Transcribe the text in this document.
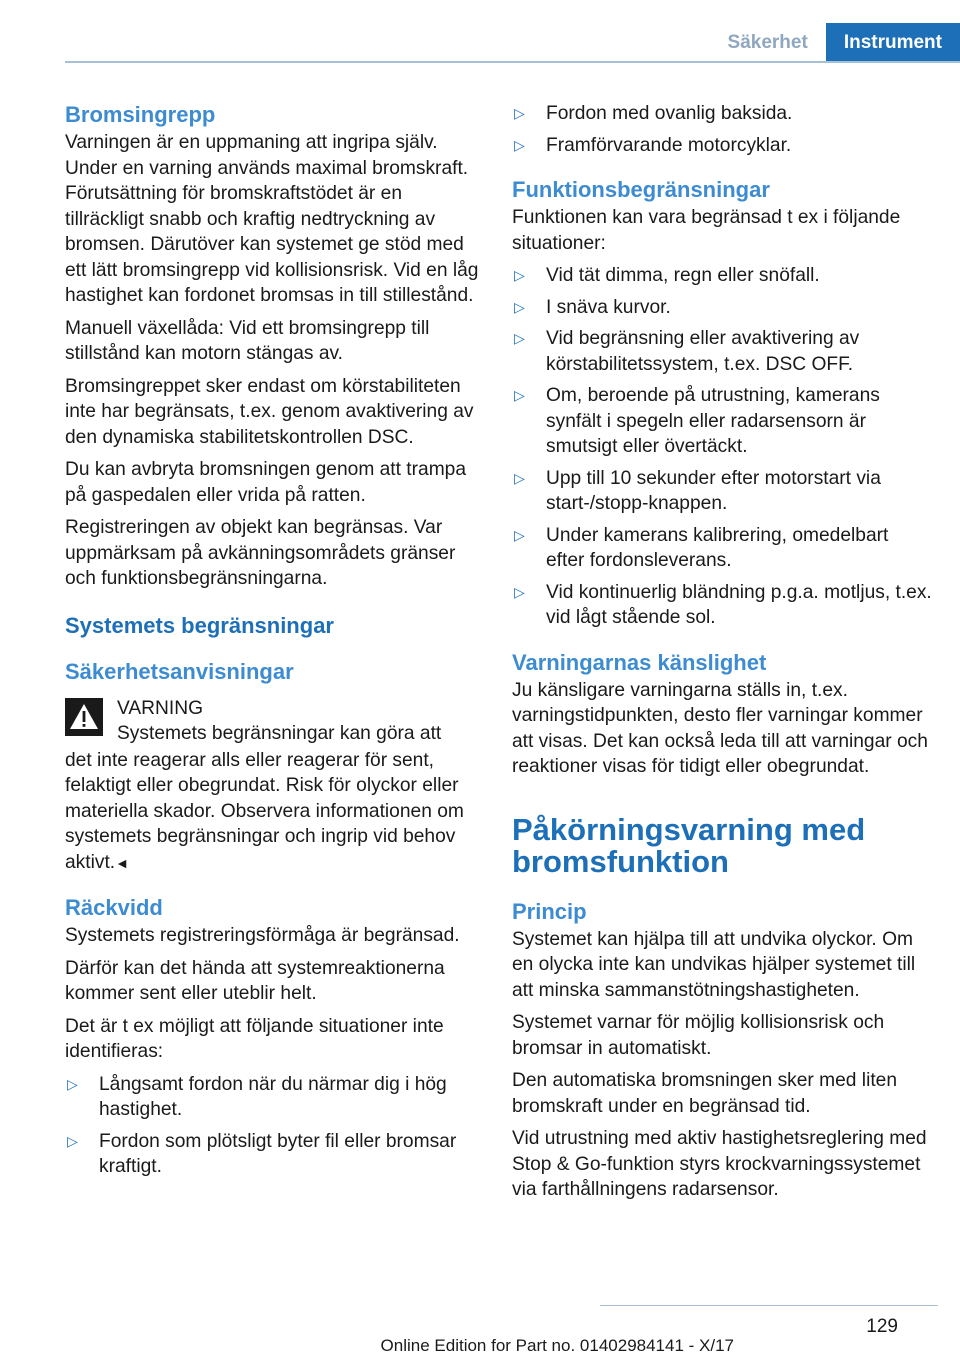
Säkerhet	Instrument
Bromsingrepp

Varningen är en uppmaning att ingripa själv. Under en varning används maximal bromskraft. Förutsättning för bromskraftstödet är en tillräckligt snabb och kraftig nedtryckning av bromsen. Därutöver kan systemet ge stöd med ett lätt bromsingrepp vid kollisionsrisk. Vid en låg hastighet kan fordonet bromsas in till stillestånd.

Manuell växellåda: Vid ett bromsingrepp till stillstånd kan motorn stängas av.

Bromsingreppet sker endast om körstabiliteten inte har begränsats, t.ex. genom avaktivering av den dynamiska stabilitetskontrollen DSC.

Du kan avbryta bromsningen genom att trampa på gaspedalen eller vrida på ratten.

Registreringen av objekt kan begränsas. Var uppmärksam på avkänningsområdets gränser och funktionsbegränsningarna.

Systemets begränsningar
Säkerhetsanvisningar
VARNING
Systemets begränsningar kan göra att

det inte reagerar alls eller reagerar för sent, felaktigt eller obegrundat. Risk för olyckor eller materiella skador. Observera informationen om systemets begränsningar och ingrip vid behov aktivt.◄

Räckvidd

Systemets registreringsförmåga är begränsad.

Därför kan det hända att systemreaktionerna kommer sent eller uteblir helt.

Det är t ex möjligt att följande situationer inte identifieras:

▷ Långsamt fordon när du närmar dig i hög hastighet.
▷ Fordon som plötsligt byter fil eller bromsar kraftigt.
▷ Fordon med ovanlig baksida.
▷ Framförvarande motorcyklar.
Funktionsbegränsningar

Funktionen kan vara begränsad t ex i följande situationer:

▷ Vid tät dimma, regn eller snöfall.
▷ I snäva kurvor.
▷ Vid begränsning eller avaktivering av körstabilitetssystem, t.ex. DSC OFF.
▷ Om, beroende på utrustning, kamerans synfält i spegeln eller radarsensorn är smutsigt eller övertäckt.
▷ Upp till 10 sekunder efter motorstart via start-/stopp-knappen.
▷ Under kamerans kalibrering, omedelbart efter fordonsleverans.
▷ Vid kontinuerlig bländning p.g.a. motljus, t.ex. vid lågt stående sol.
Varningarnas känslighet

Ju känsligare varningarna ställs in, t.ex. varningstidpunkten, desto fler varningar kommer att visas. Det kan också leda till att varningar och reaktioner visas för tidigt eller obegrundat.

Påkörningsvarning med bromsfunktion
Princip

Systemet kan hjälpa till att undvika olyckor. Om en olycka inte kan undvikas hjälper systemet till att minska sammanstötningshastigheten.

Systemet varnar för möjlig kollisionsrisk och bromsar in automatiskt.

Den automatiska bromsningen sker med liten bromskraft under en begränsad tid.

Vid utrustning med aktiv hastighetsreglering med Stop & Go-funktion styrs krockvarningssystemet via farthållningens radarsensor.

129
Online Edition for Part no. 01402984141 - X/17
